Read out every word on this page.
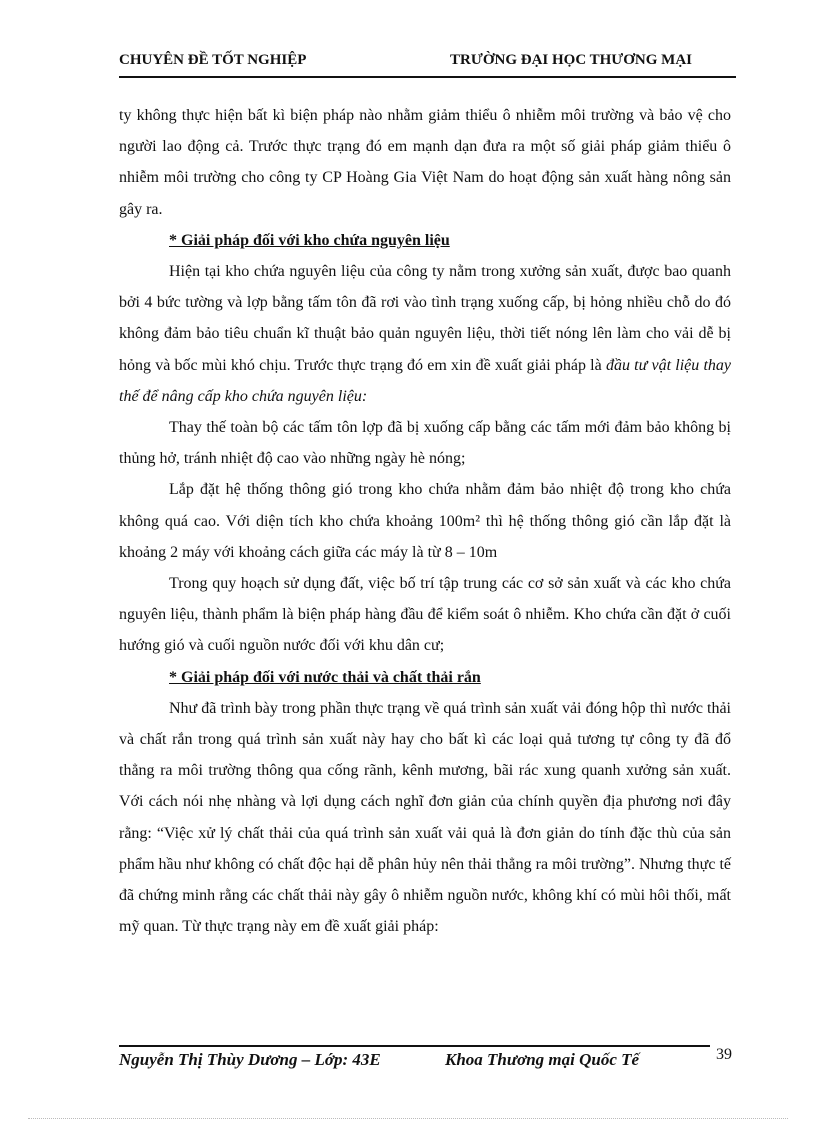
CHUYÊN ĐỀ TỐT NGHIỆP	TRƯỜNG ĐẠI HỌC THƯƠNG MẠI

ty không thực hiện bất kì biện pháp nào nhằm giảm thiểu ô nhiễm môi trường và bảo vệ cho người lao động cả. Trước thực trạng đó em mạnh dạn đưa ra một số giải pháp giảm thiểu ô nhiễm môi trường cho công ty CP Hoàng Gia Việt Nam do hoạt động sản xuất hàng nông sản gây ra.

* Giải pháp đối với kho chứa nguyên liệu

Hiện tại kho chứa nguyên liệu của công ty nằm trong xưởng sản xuất, được bao quanh bởi 4 bức tường và lợp bằng tấm tôn đã rơi vào tình trạng xuống cấp, bị hỏng nhiều chỗ do đó không đảm bảo tiêu chuẩn kĩ thuật bảo quản nguyên liệu, thời tiết nóng lên làm cho vải dễ bị hỏng và bốc mùi khó chịu. Trước thực trạng đó em xin đề xuất giải pháp là đầu tư vật liệu thay thế để nâng cấp kho chứa nguyên liệu:

Thay thế toàn bộ các tấm tôn lợp đã bị xuống cấp bằng các tấm mới đảm bảo không bị thủng hở, tránh nhiệt độ cao vào những ngày hè nóng;

Lắp đặt hệ thống thông gió trong kho chứa nhằm đảm bảo nhiệt độ trong kho chứa không quá cao. Với diện tích kho chứa khoảng 100m² thì hệ thống thông gió cần lắp đặt là khoảng 2 máy với khoảng cách giữa các máy là từ 8 – 10m

Trong quy hoạch sử dụng đất, việc bố trí tập trung các cơ sở sản xuất và các kho chứa nguyên liệu, thành phẩm là biện pháp hàng đầu để kiểm soát ô nhiễm. Kho chứa cần đặt ở cuối hướng gió và cuối nguồn nước đối với khu dân cư;

* Giải pháp đối với nước thải và chất thải rắn

Như đã trình bày trong phần thực trạng về quá trình sản xuất vải đóng hộp thì nước thải và chất rắn trong quá trình sản xuất này hay cho bất kì các loại quả tương tự công ty đã đổ thẳng ra môi trường thông qua cống rãnh, kênh mương, bãi rác xung quanh xưởng sản xuất. Với cách nói nhẹ nhàng và lợi dụng cách nghĩ đơn giản của chính quyền địa phương nơi đây rằng: “Việc xử lý chất thải của quá trình sản xuất vải quả là đơn giản do tính đặc thù của sản phẩm hầu như không có chất độc hại dễ phân hủy nên thải thẳng ra môi trường”. Nhưng thực tế đã chứng minh rằng các chất thải này gây ô nhiễm nguồn nước, không khí có mùi hôi thối, mất mỹ quan. Từ thực trạng này em đề xuất giải pháp:

Nguyễn Thị Thùy Dương – Lớp: 43E	Khoa Thương mại Quốc Tế	39
